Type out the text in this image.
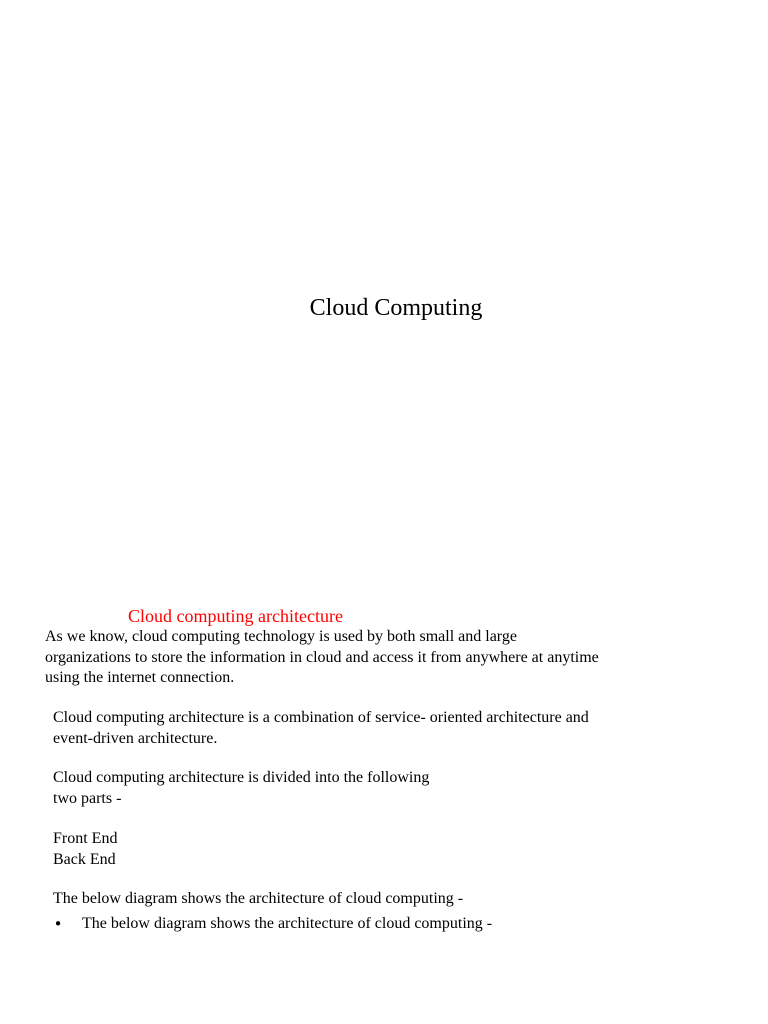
Cloud Computing
Cloud computing architecture
As we know, cloud computing technology is used by both small and large
organizations to store the information in cloud and access it from anywhere at anytime
using the internet connection.
Cloud computing architecture is a combination of service- oriented architecture and
event-driven architecture.
Cloud computing architecture is divided into the following
two parts -
Front End
Back End
The below diagram shows the architecture of cloud computing -
•	The below diagram shows the architecture of cloud computing -
